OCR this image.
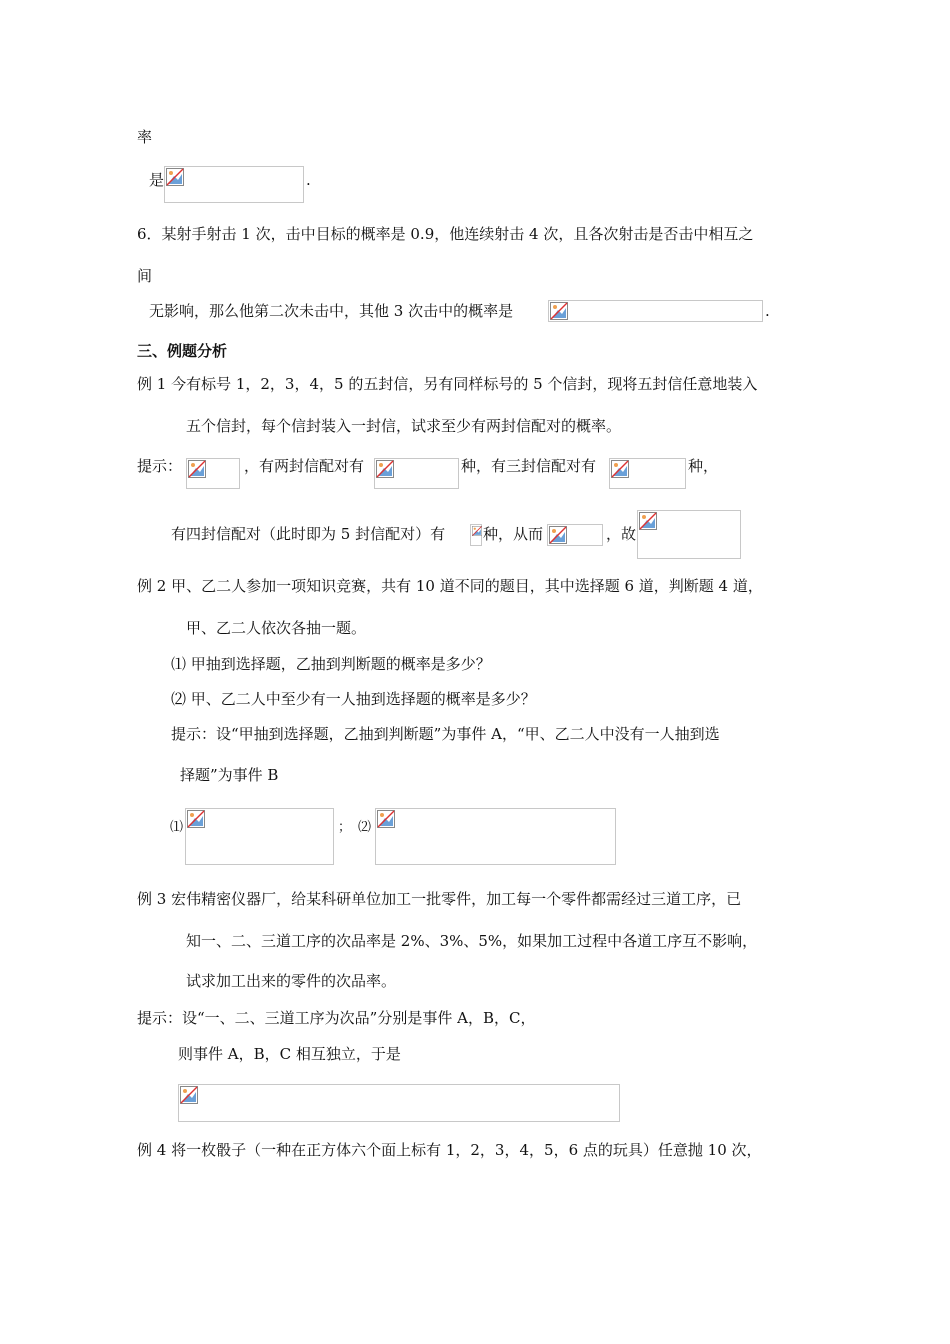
率
是	.
6．某射手射击 1 次，击中目标的概率是 0.9，他连续射击 4 次，且各次射击是否击中相互之
间
无影响，那么他第二次未击中，其他 3 次击中的概率是	.
三、例题分析
例 1 今有标号 1，2，3，4，5 的五封信，另有同样标号的 5 个信封，现将五封信任意地装入
五个信封，每个信封装入一封信，试求至少有两封信配对的概率。
提示：	，有两封信配对有	种，有三封信配对有	种，
有四封信配对（此时即为 5 封信配对）有	种，从而	，故
例 2 甲、乙二人参加一项知识竞赛，共有 10 道不同的题目，其中选择题 6 道，判断题 4 道，
甲、乙二人依次各抽一题。
⑴ 甲抽到选择题，乙抽到判断题的概率是多少？
⑵ 甲、乙二人中至少有一人抽到选择题的概率是多少？
提示：设“甲抽到选择题，乙抽到判断题”为事件 A，“甲、乙二人中没有一人抽到选
择题”为事件 B
⑴	； ⑵
例 3 宏伟精密仪器厂，给某科研单位加工一批零件，加工每一个零件都需经过三道工序，已
知一、二、三道工序的次品率是 2%、3%、5%，如果加工过程中各道工序互不影响，
试求加工出来的零件的次品率。
提示：设“一、二、三道工序为次品”分别是事件 A，B，C，
则事件 A，B，C 相互独立，于是
例 4 将一枚骰子（一种在正方体六个面上标有 1，2，3，4，5，6 点的玩具）任意抛 10 次，
